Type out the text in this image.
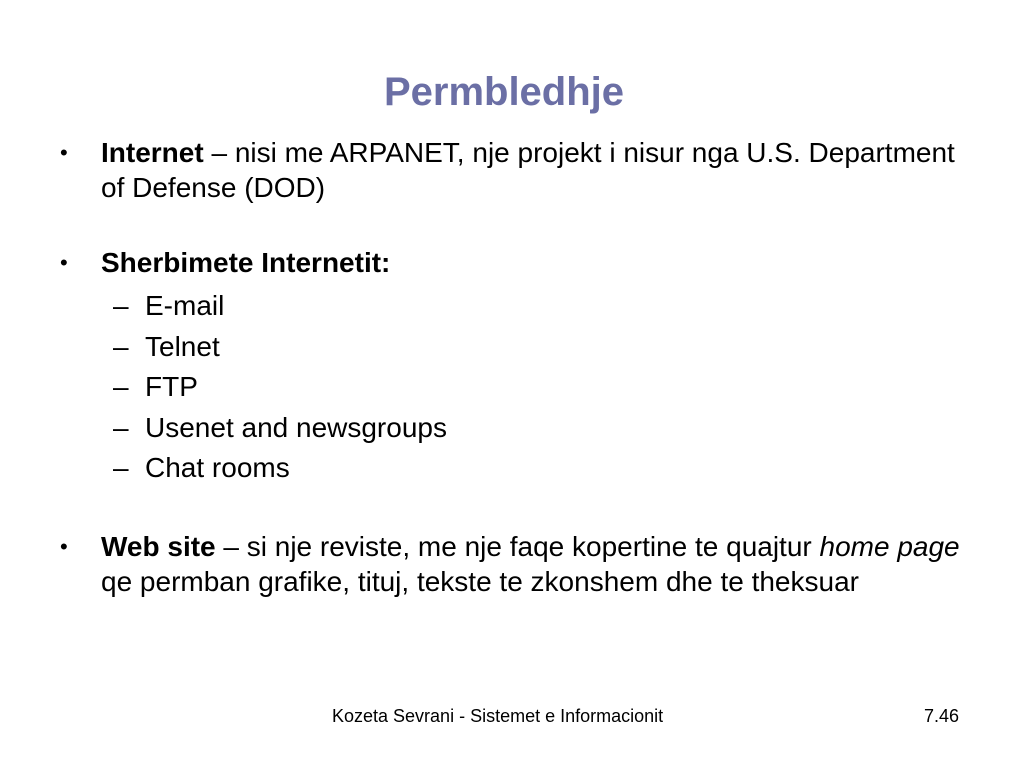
Permbledhje
• Internet – nisi me ARPANET, nje projekt i nisur nga U.S. Department of Defense (DOD)
• Sherbimete Internetit:
– E-mail
– Telnet
– FTP
– Usenet and newsgroups
– Chat rooms
• Web site – si nje reviste, me nje faqe kopertine te quajtur home page qe permban grafike, tituj, tekste te zkonshem dhe te theksuar
Kozeta Sevrani - Sistemet e Informacionit	7.46
